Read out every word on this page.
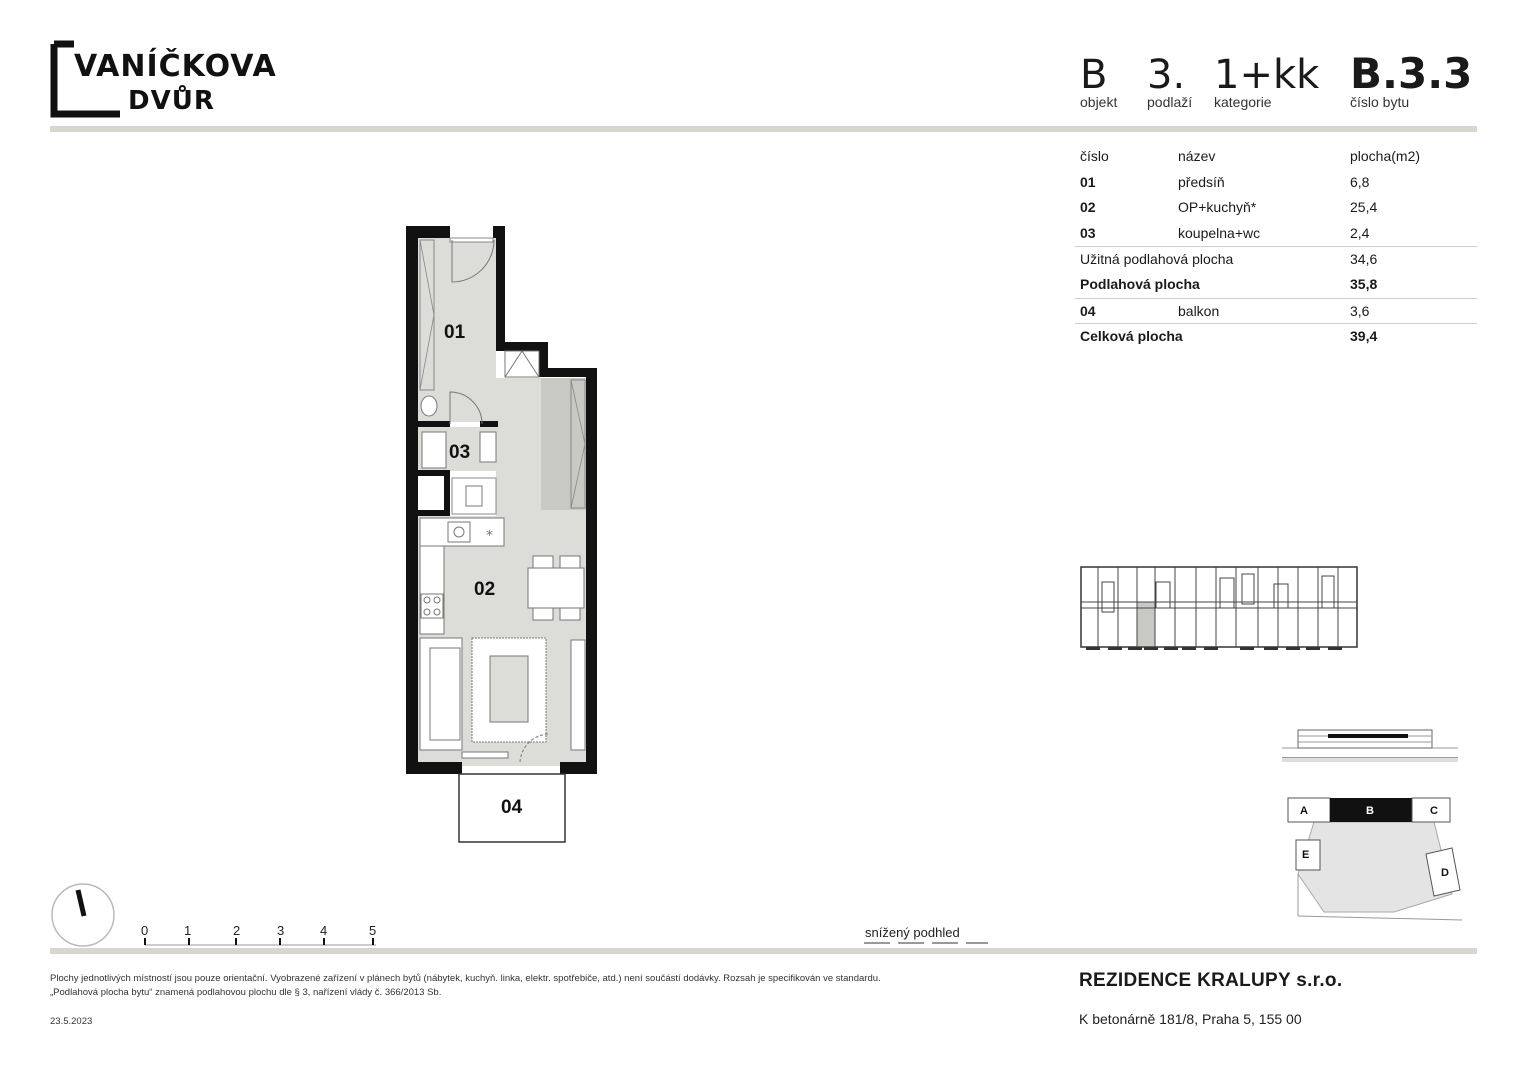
VANÍČKOVA
DVŮR
B
objekt
3.
podlaží
1+kk
kategorie
B.3.3
číslo bytu
číslo	název	plocha(m2)
01	předsíň	6,8
02	OP+kuchyň*	25,4
03	koupelna+wc	2,4
Užitná podlahová plocha	34,6
Podlahová plocha	35,8
04	balkon	3,6
Celková plocha	39,4
*
01
03
02
04	A	B	C
D
E
0	1	2	3	4	5	snížený podhled
Plochy jednotlivých místností jsou pouze orientační. Vyobrazené zařízení v plánech bytů (nábytek, kuchyň. linka, elektr. spotřebiče, atd.) není součástí dodávky. Rozsah je specifikován ve standardu.
„Podlahová plocha bytu“ znamená podlahovou plochu dle § 3, nařízení vlády č. 366/2013 Sb.
23.5.2023
REZIDENCE KRALUPY s.r.o.
K betonárně 181/8, Praha 5, 155 00
